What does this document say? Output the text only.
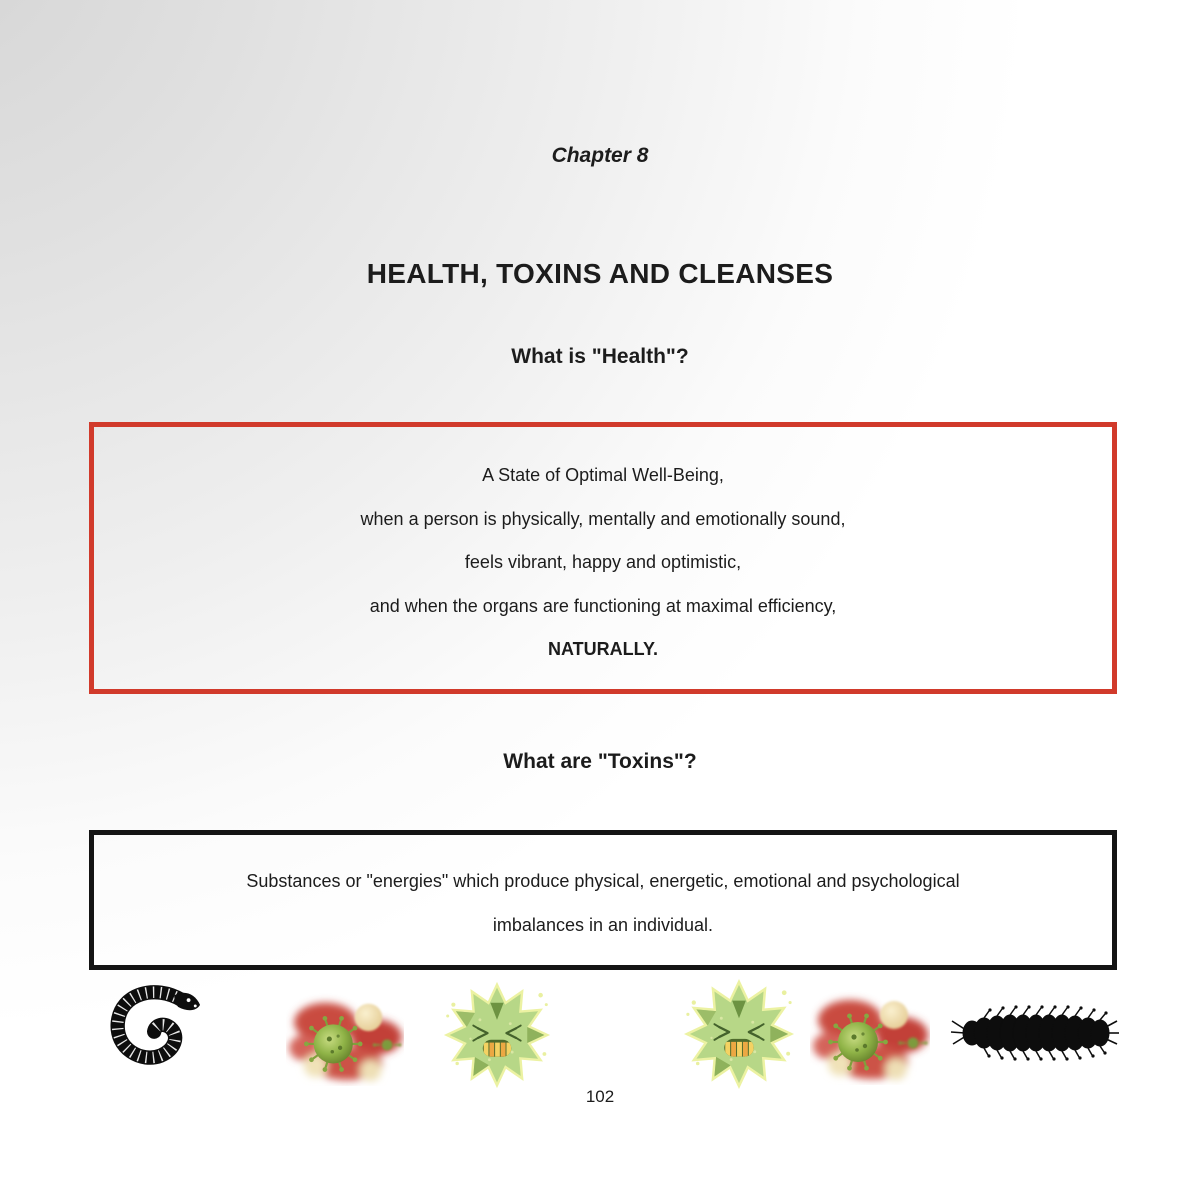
Chapter 8

HEALTH, TOXINS AND CLEANSES
What is "Health"?

A State of Optimal Well-Being,

when a person is physically, mentally and emotionally sound,

feels vibrant, happy and optimistic,

and when the organs are functioning at maximal efficiency,

NATURALLY.

What are "Toxins"?

Substances or "energies" which produce physical, energetic, emotional and psychological

imbalances in an individual.

102
